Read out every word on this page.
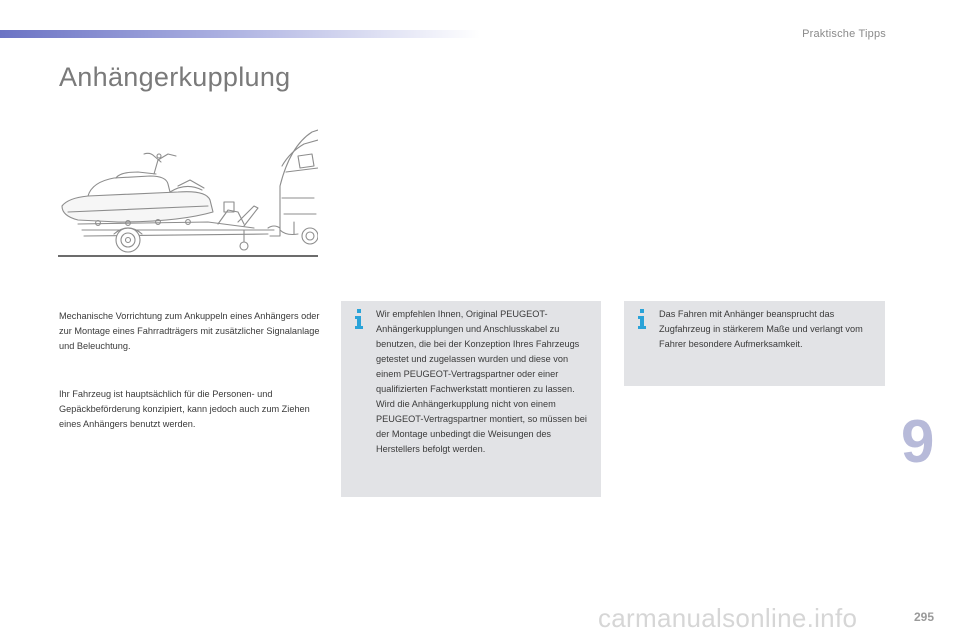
Praktische Tipps
Anhängerkupplung

Mechanische Vorrichtung zum Ankuppeln eines Anhängers oder zur Montage eines Fahrradträgers mit zusätzlicher Signalanlage und Beleuchtung.

Ihr Fahrzeug ist hauptsächlich für die Personen- und Gepäckbeförderung konzipiert, kann jedoch auch zum Ziehen eines Anhängers benutzt werden.

Wir empfehlen Ihnen, Original PEUGEOT-Anhängerkupplungen und Anschlusskabel zu benutzen, die bei der Konzeption Ihres Fahrzeugs getestet und zugelassen wurden und diese von einem PEUGEOT-Vertragspartner oder einer qualifizierten Fachwerkstatt montieren zu lassen.
Wird die Anhängerkupplung nicht von einem PEUGEOT-Vertragspartner montiert, so müssen bei der Montage unbedingt die Weisungen des Herstellers befolgt werden.
Das Fahren mit Anhänger beansprucht das Zugfahrzeug in stärkerem Maße und verlangt vom Fahrer besondere Aufmerksamkeit.
9
carmanualsonline.info	295
